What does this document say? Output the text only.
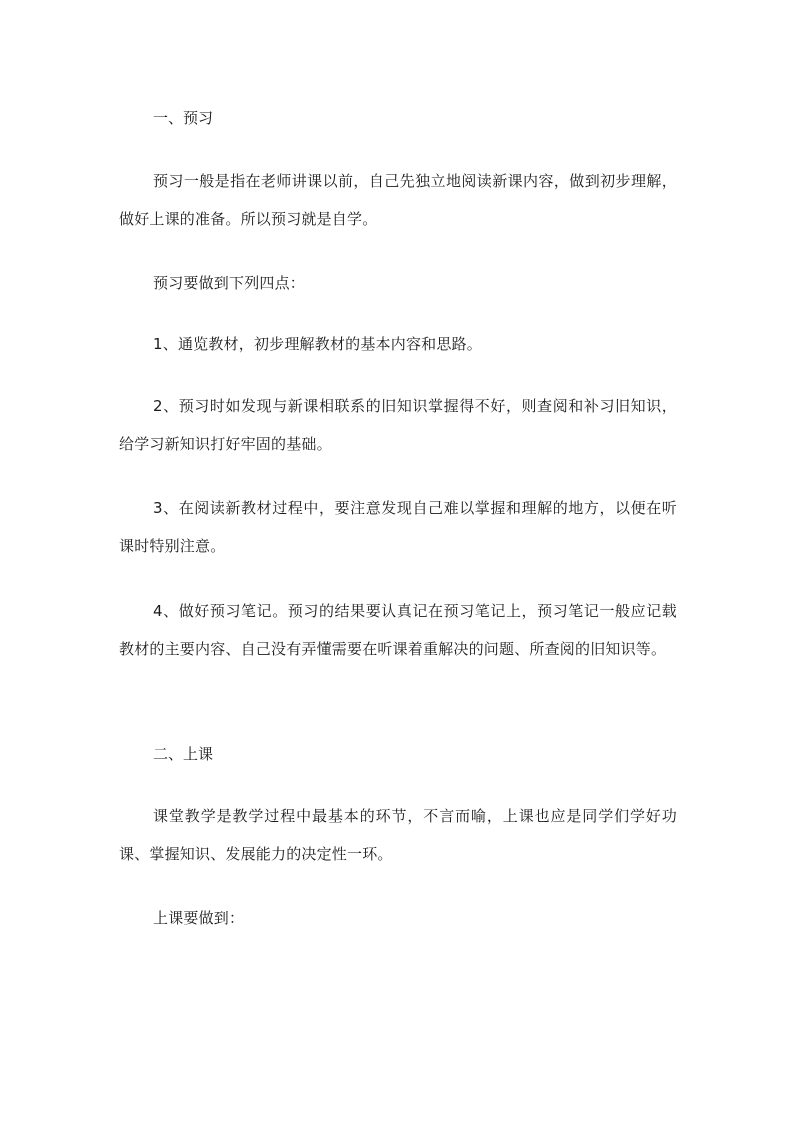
一、预习

预习一般是指在老师讲课以前，自己先独立地阅读新课内容，做到初步理解，做好上课的准备。所以预习就是自学。

预习要做到下列四点：

1、通览教材，初步理解教材的基本内容和思路。

2、预习时如发现与新课相联系的旧知识掌握得不好，则查阅和补习旧知识，给学习新知识打好牢固的基础。

3、在阅读新教材过程中，要注意发现自己难以掌握和理解的地方，以便在听课时特别注意。

4、做好预习笔记。预习的结果要认真记在预习笔记上，预习笔记一般应记载教材的主要内容、自己没有弄懂需要在听课着重解决的问题、所查阅的旧知识等。

二、上课

课堂教学是教学过程中最基本的环节，不言而喻，上课也应是同学们学好功课、掌握知识、发展能力的决定性一环。

上课要做到：
